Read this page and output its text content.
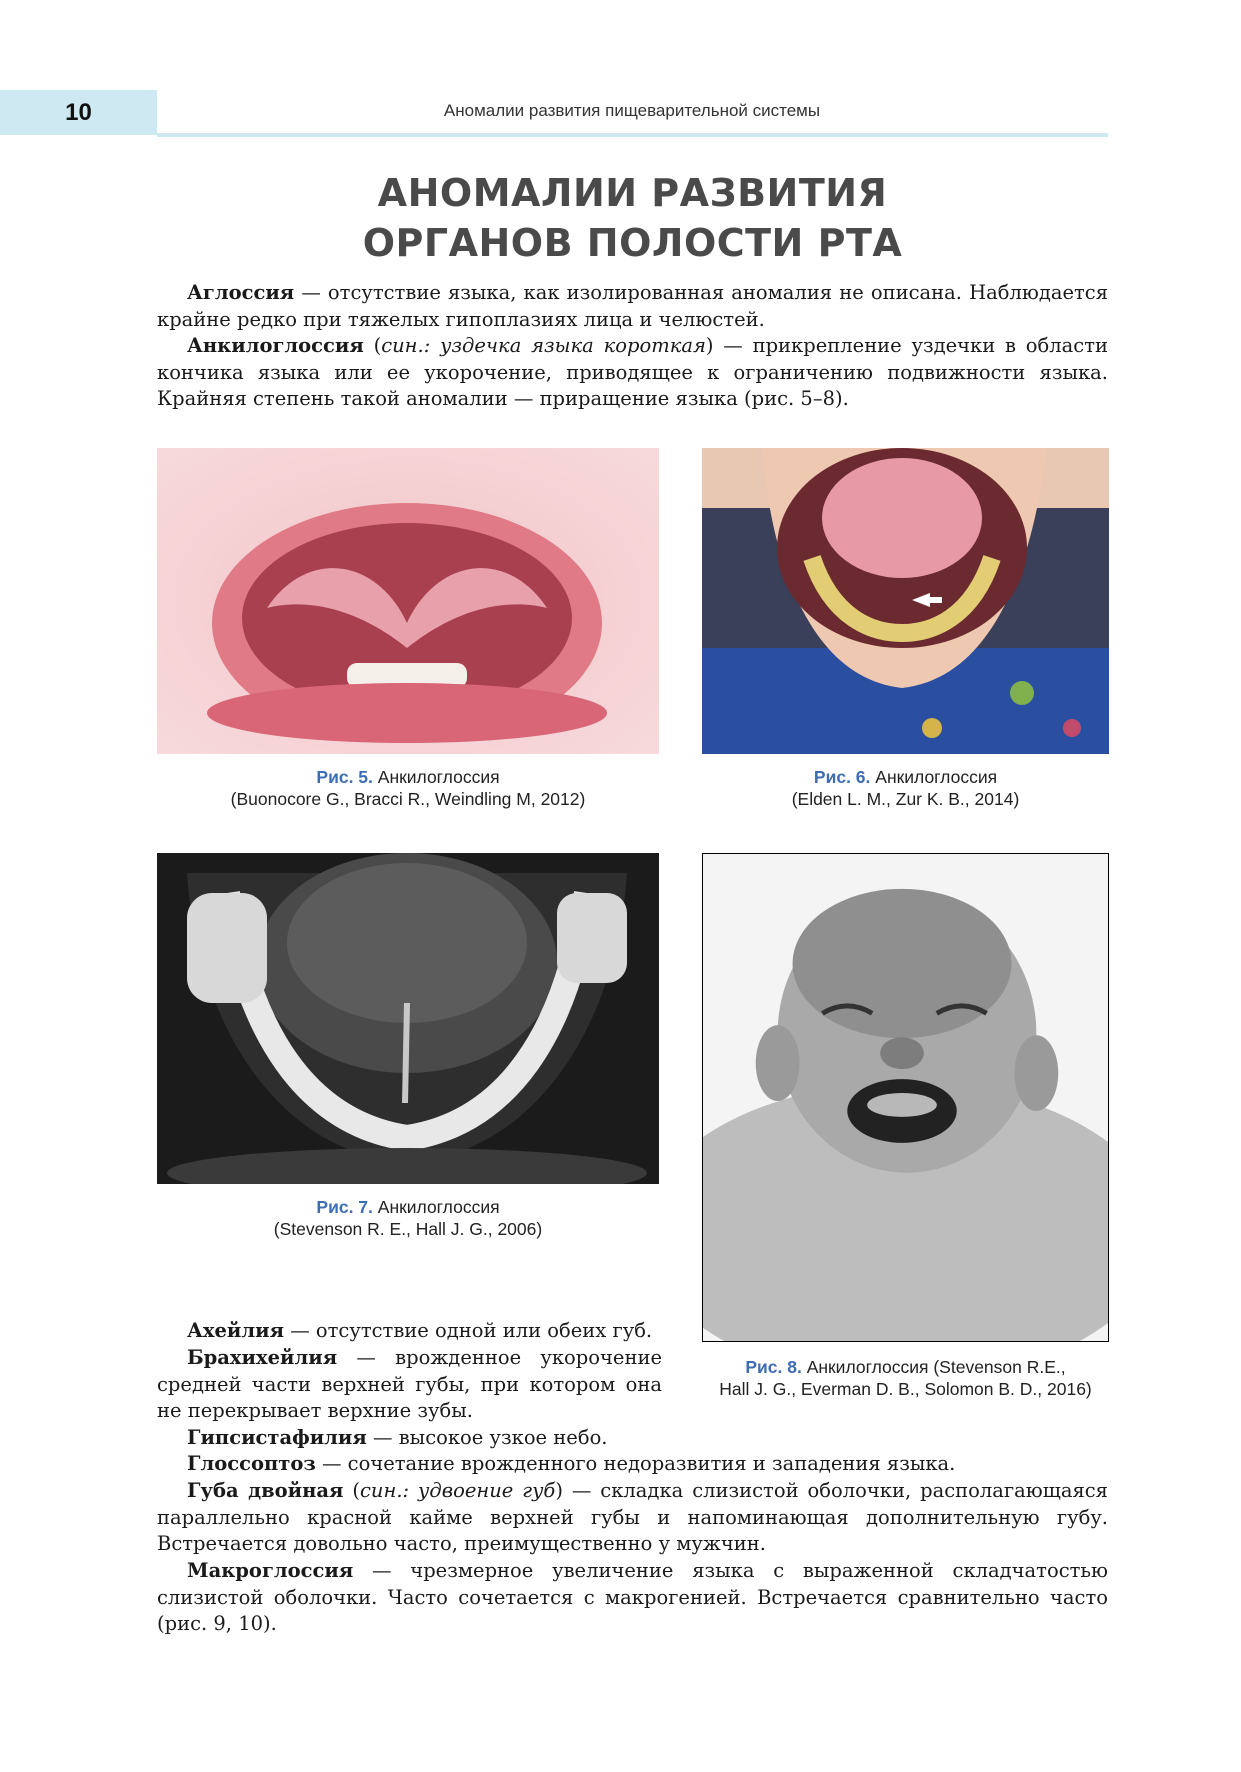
10	Аномалии развития пищеварительной системы
АНОМАЛИИ РАЗВИТИЯ
ОРГАНОВ ПОЛОСТИ РТА

Аглоссия — отсутствие языка, как изолированная аномалия не описана. Наблюдается крайне редко при тяжелых гипоплазиях лица и челюстей.

Анкилоглоссия (син.: уздечка языка короткая) — прикрепление уздечки в области кончика языка или ее укорочение, приводящее к ограничению подвижности языка. Крайняя степень такой аномалии — приращение языка (рис. 5–8).

Рис. 5. Анкилоглоссия
(Buonocore G., Bracci R., Weindling M, 2012)
Рис. 6. Анкилоглоссия
(Elden L. M., Zur K. B., 2014)
Рис. 7. Анкилоглоссия
(Stevenson R. E., Hall J. G., 2006)
Рис. 8. Анкилоглоссия (Stevenson R.E.,
Hall J. G., Everman D. B., Solomon B. D., 2016)

Ахейлия — отсутствие одной или обеих губ.

Брахихейлия — врожденное укорочение средней части верхней губы, при котором она не перекрывает верхние зубы.

Гипсистафилия — высокое узкое небо.

Глоссоптоз — сочетание врожденного недоразвития и западения языка.

Губа двойная (син.: удвоение губ) — складка слизистой оболочки, располагающаяся параллельно красной кайме верхней губы и напоминающая дополнительную губу. Встречается довольно часто, преимущественно у мужчин.

Макроглоссия — чрезмерное увеличение языка с выраженной складчатостью слизистой оболочки. Часто сочетается с макрогенией. Встречается сравнительно часто (рис. 9, 10).
